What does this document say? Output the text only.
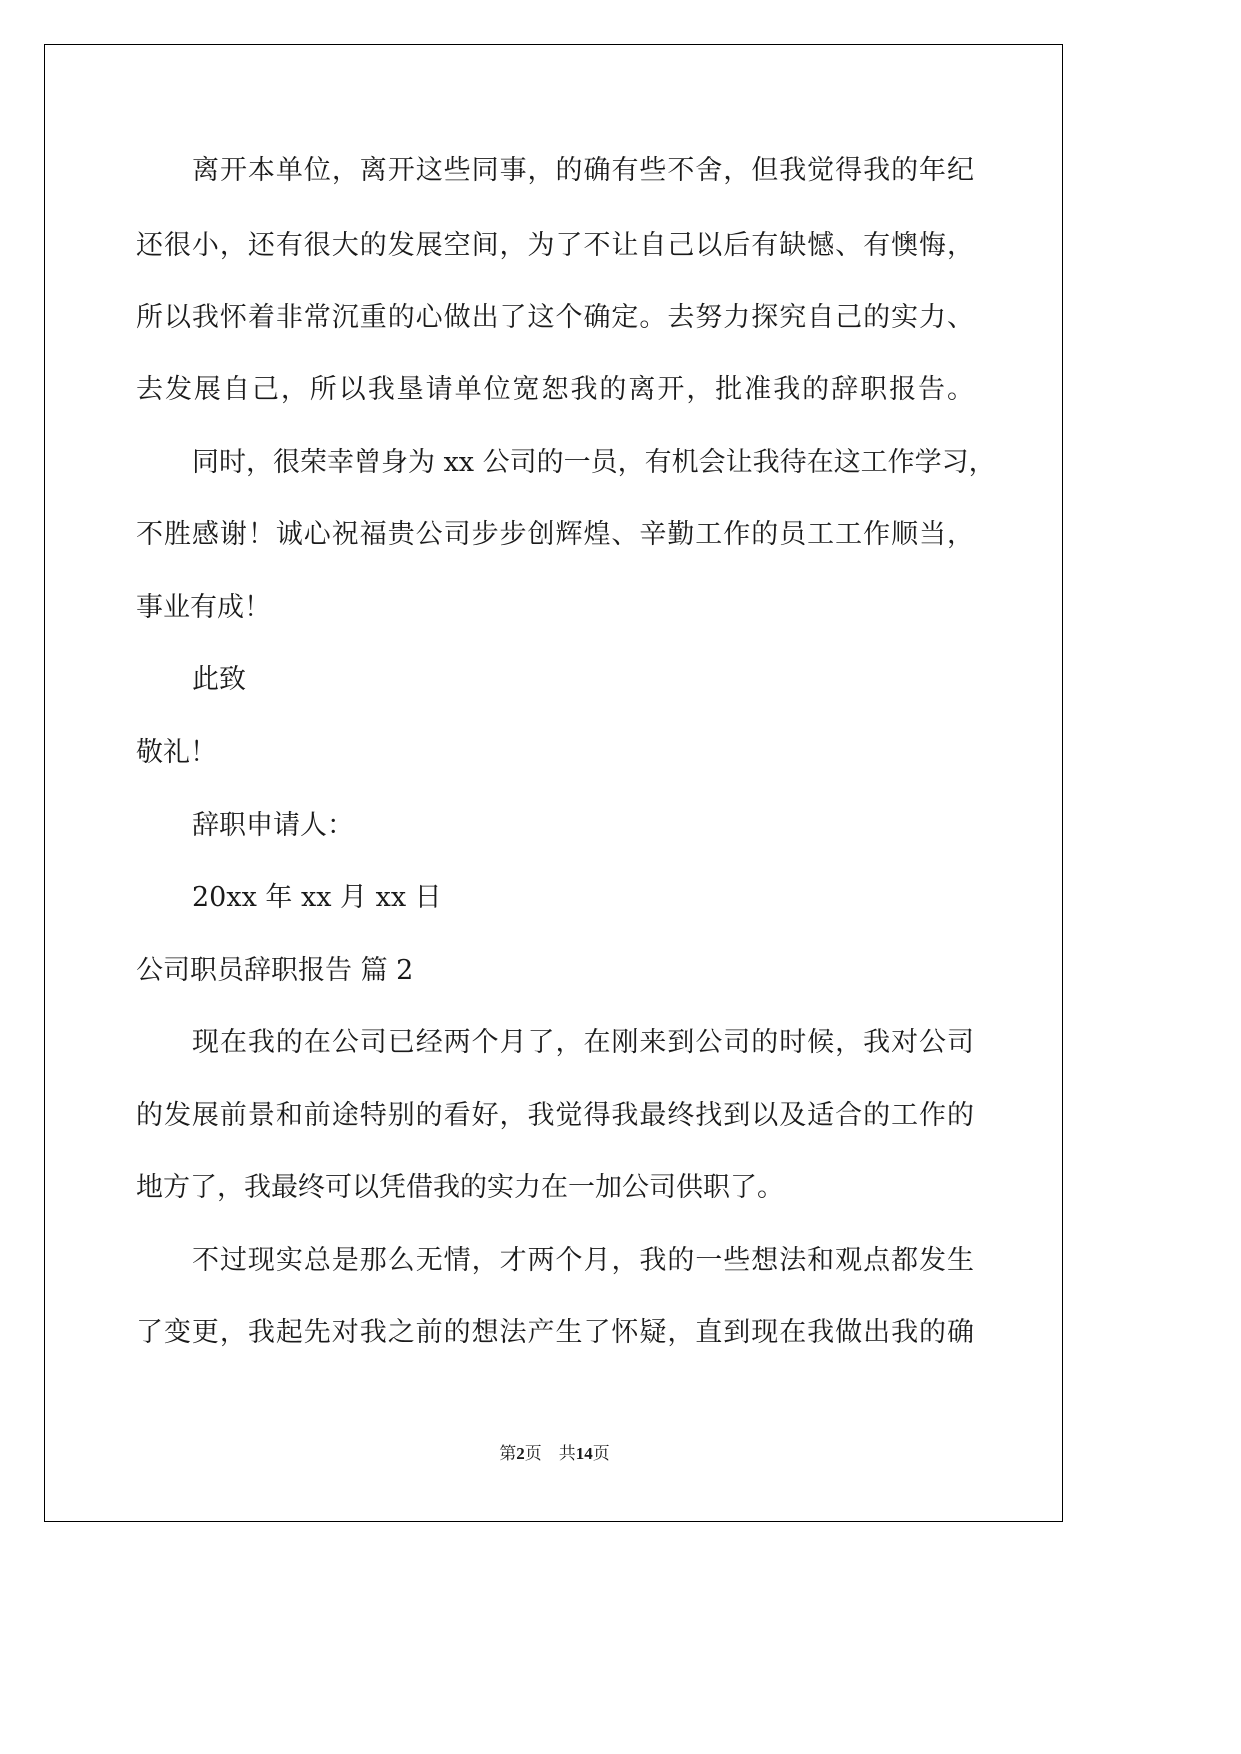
离开本单位，离开这些同事，的确有些不舍，但我觉得我的年纪
还很小，还有很大的发展空间，为了不让自己以后有缺憾、有懊悔，
所以我怀着非常沉重的心做出了这个确定。去努力探究自己的实力、
去发展自己，所以我垦请单位宽恕我的离开，批准我的辞职报告。
同时，很荣幸曾身为 xx 公司的一员，有机会让我待在这工作学习，
不胜感谢！诚心祝福贵公司步步创辉煌、辛勤工作的员工工作顺当，
事业有成！
此致
敬礼！
辞职申请人：
20xx 年 xx 月 xx 日
公司职员辞职报告 篇 2
现在我的在公司已经两个月了，在刚来到公司的时候，我对公司
的发展前景和前途特别的看好，我觉得我最终找到以及适合的工作的
地方了，我最终可以凭借我的实力在一加公司供职了。
不过现实总是那么无情，才两个月，我的一些想法和观点都发生
了变更，我起先对我之前的想法产生了怀疑，直到现在我做出我的确
第2页 共14页
